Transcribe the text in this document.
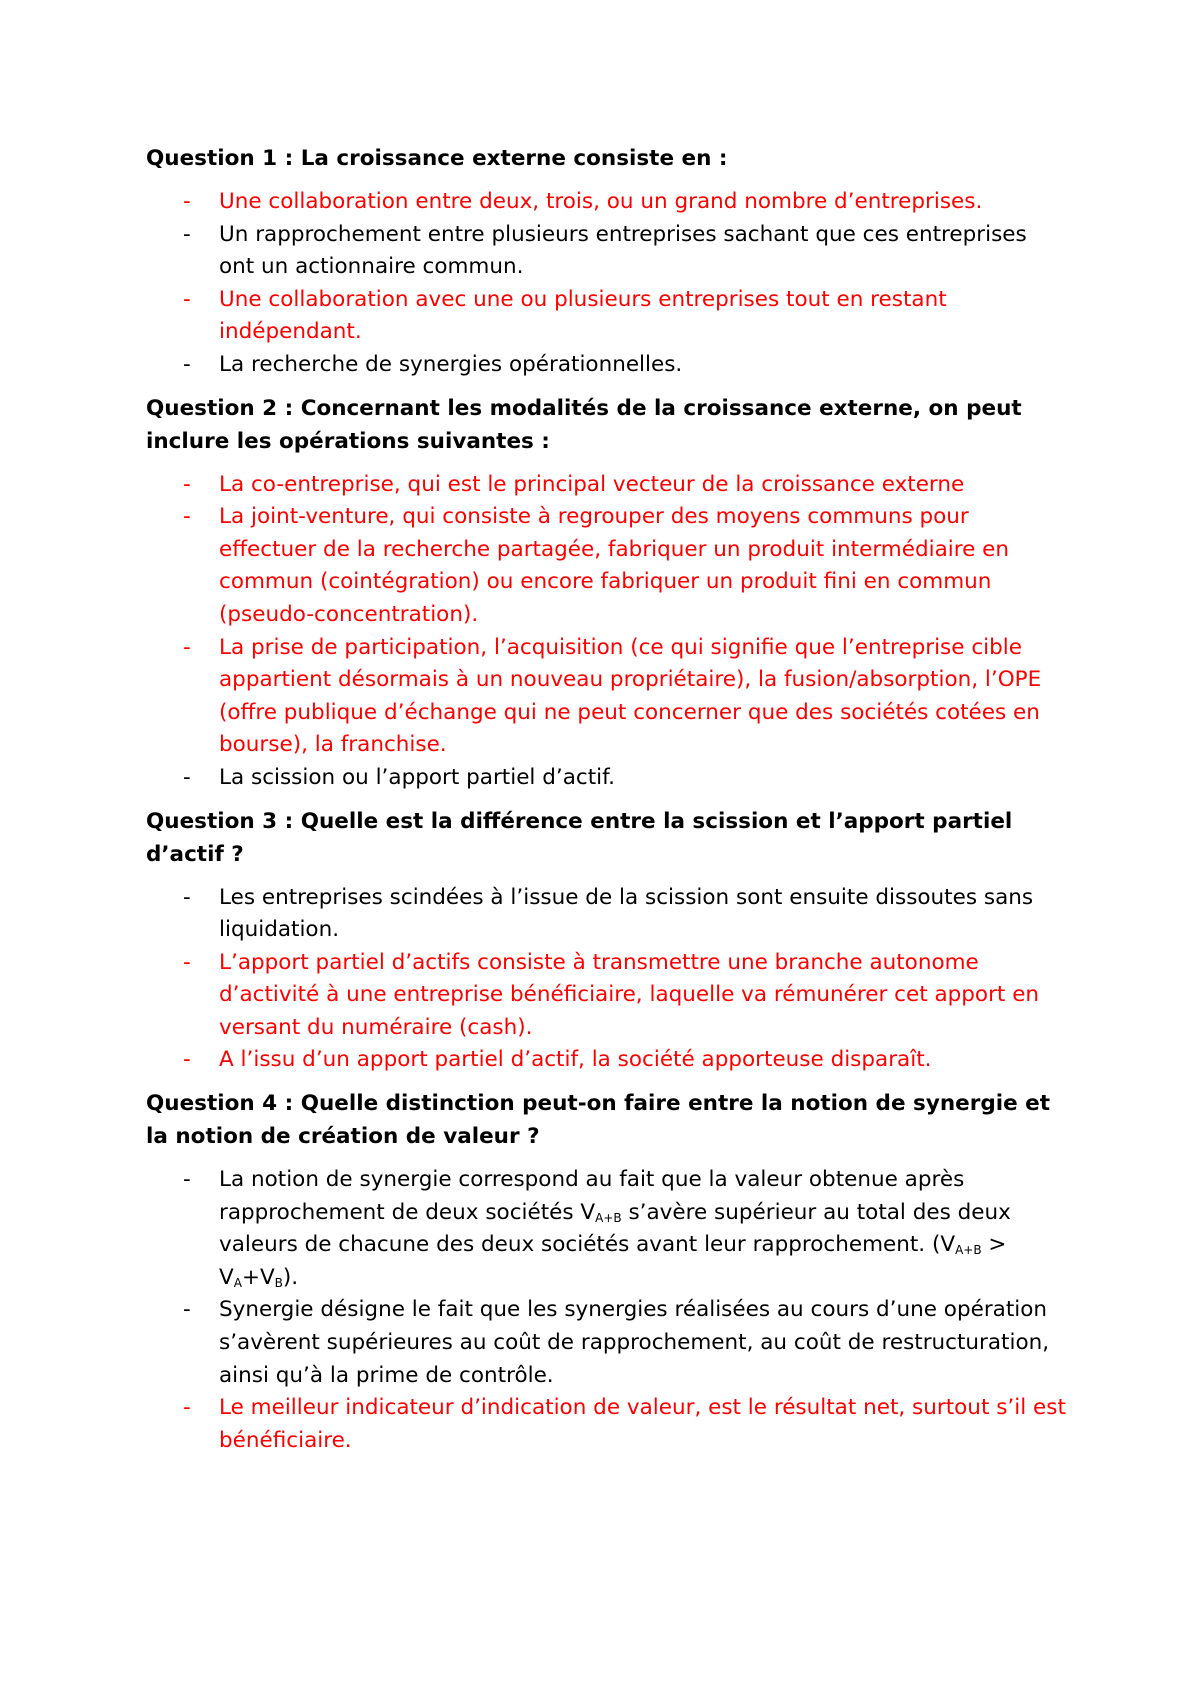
Question 1 : La croissance externe consiste en :
- Une collaboration entre deux, trois, ou un grand nombre d’entreprises.
- Un rapprochement entre plusieurs entreprises sachant que ces entreprises ont un actionnaire commun.
- Une collaboration avec une ou plusieurs entreprises tout en restant indépendant.
- La recherche de synergies opérationnelles.
Question 2 : Concernant les modalités de la croissance externe, on peut inclure les opérations suivantes :
- La co-entreprise, qui est le principal vecteur de la croissance externe
- La joint-venture, qui consiste à regrouper des moyens communs pour effectuer de la recherche partagée, fabriquer un produit intermédiaire en commun (cointégration) ou encore fabriquer un produit fini en commun (pseudo-concentration).
- La prise de participation, l’acquisition (ce qui signifie que l’entreprise cible appartient désormais à un nouveau propriétaire), la fusion/absorption, l’OPE (offre publique d’échange qui ne peut concerner que des sociétés cotées en bourse), la franchise.
- La scission ou l’apport partiel d’actif.
Question 3 : Quelle est la différence entre la scission et l’apport partiel d’actif ?
- Les entreprises scindées à l’issue de la scission sont ensuite dissoutes sans liquidation.
- L’apport partiel d’actifs consiste à transmettre une branche autonome d’activité à une entreprise bénéficiaire, laquelle va rémunérer cet apport en versant du numéraire (cash).
- A l’issu d’un apport partiel d’actif, la société apporteuse disparaît.
Question 4 : Quelle distinction peut-on faire entre la notion de synergie et la notion de création de valeur ?
- La notion de synergie correspond au fait que la valeur obtenue après rapprochement de deux sociétés $V_{A+B}$ s’avère supérieur au total des deux valeurs de chacune des deux sociétés avant leur rapprochement. $(V_{A+B} > V_A+V_B)$.
- Synergie désigne le fait que les synergies réalisées au cours d’une opération s’avèrent supérieures au coût de rapprochement, au coût de restructuration, ainsi qu’à la prime de contrôle.
- Le meilleur indicateur d’indication de valeur, est le résultat net, surtout s’il est bénéficiaire.
